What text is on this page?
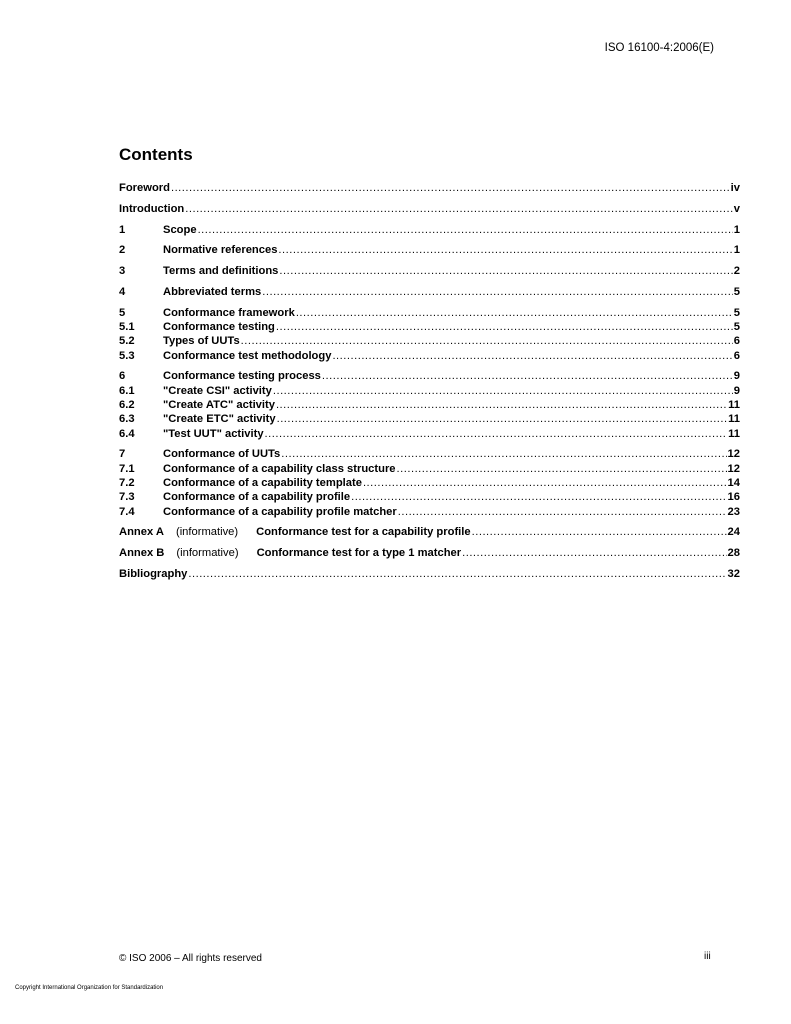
ISO 16100-4:2006(E)
Contents
Foreword .....	iv
Introduction .....	v
1	Scope .....	1
2	Normative references .....	1
3	Terms and definitions .....	2
4	Abbreviated terms .....	5
5	Conformance framework .....	5
5.1	Conformance testing .....	5
5.2	Types of UUTs .....	6
5.3	Conformance test methodology .....	6
6	Conformance testing process .....	9
6.1	"Create CSI" activity .....	9
6.2	"Create ATC" activity .....	11
6.3	"Create ETC" activity .....	11
6.4	"Test UUT" activity .....	11
7	Conformance of UUTs .....	12
7.1	Conformance of a capability class structure .....	12
7.2	Conformance of a capability template .....	14
7.3	Conformance of a capability profile .....	16
7.4	Conformance of a capability profile matcher .....	23
Annex A (informative) Conformance test for a capability profile .....	24
Annex B (informative) Conformance test for a type 1 matcher .....	28
Bibliography .....	32
© ISO 2006 – All rights reserved	iii
Copyright International Organization for Standardization
